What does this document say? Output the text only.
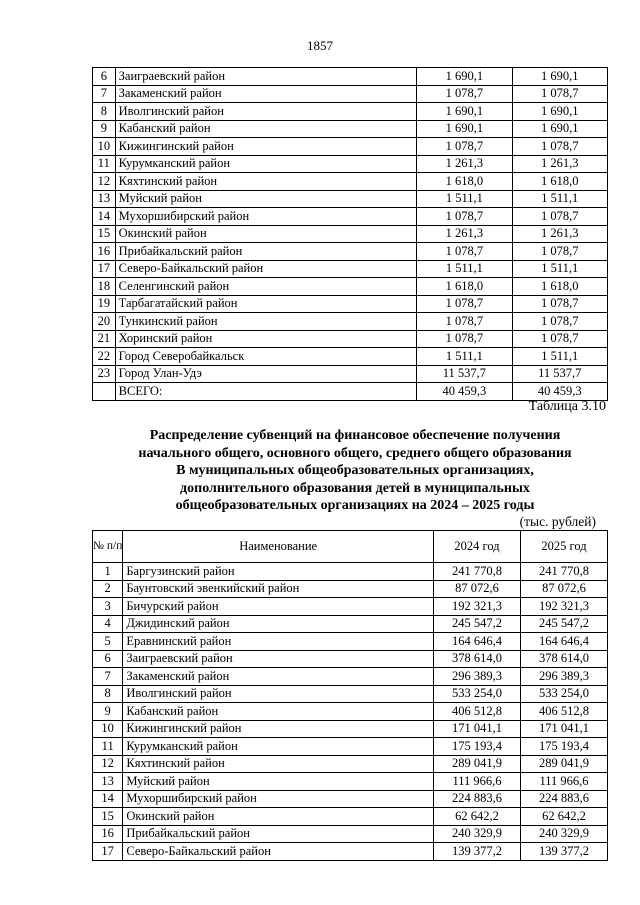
1857
6	Заиграевский район	1 690,1	1 690,1
7	Закаменский район	1 078,7	1 078,7
8	Иволгинский район	1 690,1	1 690,1
9	Кабанский район	1 690,1	1 690,1
10	Кижингинский район	1 078,7	1 078,7
11	Курумканский район	1 261,3	1 261,3
12	Кяхтинский район	1 618,0	1 618,0
13	Муйский район	1 511,1	1 511,1
14	Мухоршибирский район	1 078,7	1 078,7
15	Окинский район	1 261,3	1 261,3
16	Прибайкальский район	1 078,7	1 078,7
17	Северо-Байкальский район	1 511,1	1 511,1
18	Селенгинский район	1 618,0	1 618,0
19	Тарбагатайский район	1 078,7	1 078,7
20	Тункинский район	1 078,7	1 078,7
21	Хоринский район	1 078,7	1 078,7
22	Город Северобайкальск	1 511,1	1 511,1
23	Город Улан-Удэ	11 537,7	11 537,7
	ВСЕГО:	40 459,3	40 459,3
Таблица 3.10
Распределение субвенций на финансовое обеспечение получения
начального общего, основного общего, среднего общего образования
В муниципальных общеобразовательных организациях,
дополнительного образования детей в муниципальных
общеобразовательных организациях на 2024 – 2025 годы
(тыс. рублей)
№ п/п	Наименование	2024 год	2025 год
1	Баргузинский район	241 770,8	241 770,8
2	Баунтовский эвенкийский район	87 072,6	87 072,6
3	Бичурский район	192 321,3	192 321,3
4	Джидинский район	245 547,2	245 547,2
5	Еравнинский район	164 646,4	164 646,4
6	Заиграевский район	378 614,0	378 614,0
7	Закаменский район	296 389,3	296 389,3
8	Иволгинский район	533 254,0	533 254,0
9	Кабанский район	406 512,8	406 512,8
10	Кижингинский район	171 041,1	171 041,1
11	Курумканский район	175 193,4	175 193,4
12	Кяхтинский район	289 041,9	289 041,9
13	Муйский район	111 966,6	111 966,6
14	Мухоршибирский район	224 883,6	224 883,6
15	Окинский район	62 642,2	62 642,2
16	Прибайкальский район	240 329,9	240 329,9
17	Северо-Байкальский район	139 377,2	139 377,2
